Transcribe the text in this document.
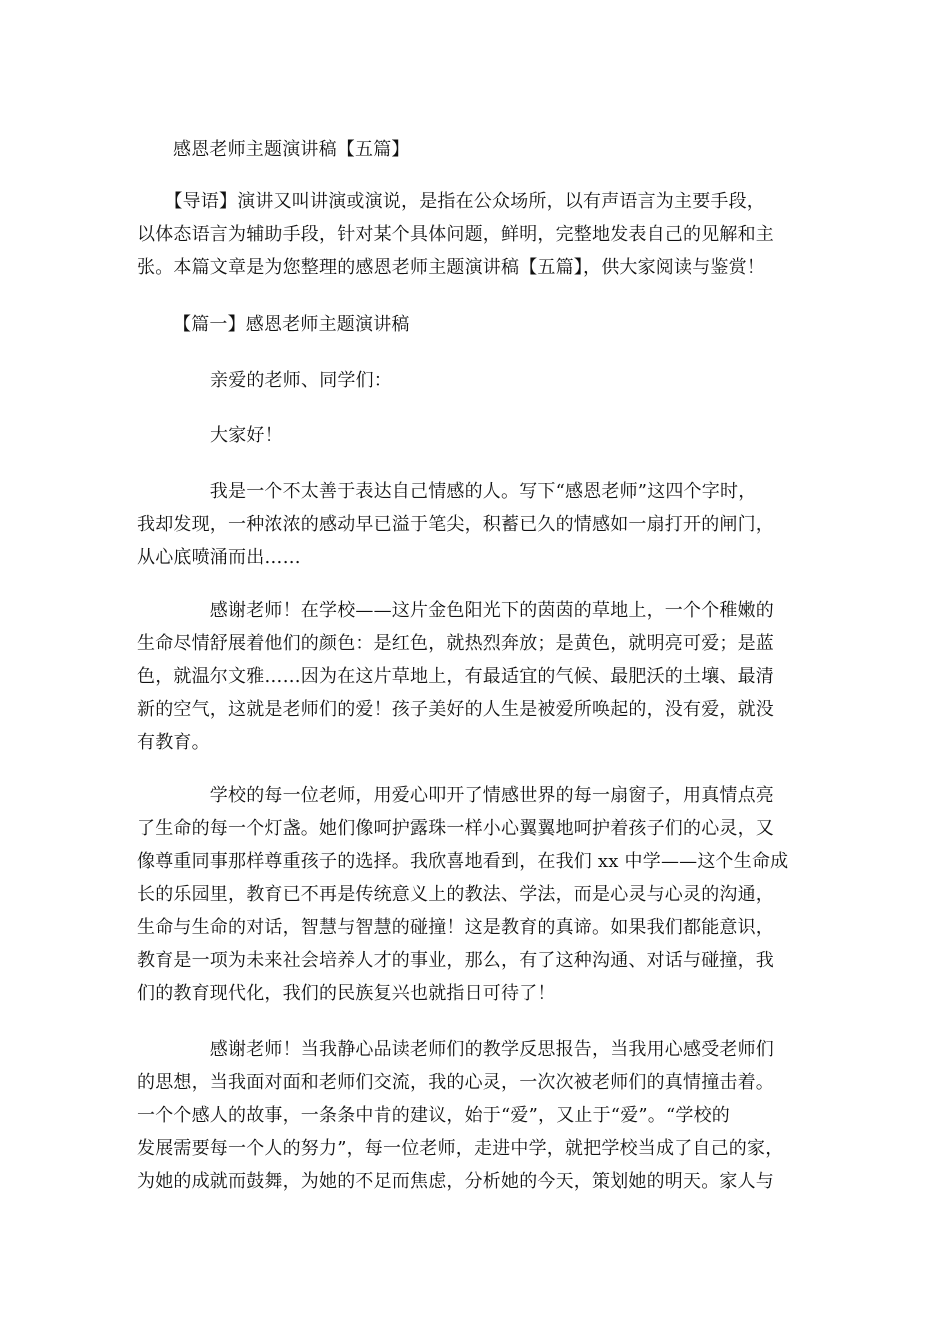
感恩老师主题演讲稿【五篇】
　　【导语】演讲又叫讲演或演说，是指在公众场所，以有声语言为主要手段，
以体态语言为辅助手段，针对某个具体问题，鲜明，完整地发表自己的见解和主
张。本篇文章是为您整理的感恩老师主题演讲稿【五篇】，供大家阅读与鉴赏！
【篇一】感恩老师主题演讲稿
亲爱的老师、同学们：
大家好！
　　　　我是一个不太善于表达自己情感的人。写下“感恩老师”这四个字时，
我却发现，一种浓浓的感动早已溢于笔尖，积蓄已久的情感如一扇打开的闸门，
从心底喷涌而出……
　　　　感谢老师！在学校——这片金色阳光下的茵茵的草地上，一个个稚嫩的
生命尽情舒展着他们的颜色：是红色，就热烈奔放；是黄色，就明亮可爱；是蓝
色，就温尔文雅……因为在这片草地上，有最适宜的气候、最肥沃的土壤、最清
新的空气，这就是老师们的爱！孩子美好的人生是被爱所唤起的，没有爱，就没
有教育。
　　　　学校的每一位老师，用爱心叩开了情感世界的每一扇窗子，用真情点亮
了生命的每一个灯盏。她们像呵护露珠一样小心翼翼地呵护着孩子们的心灵，又
像尊重同事那样尊重孩子的选择。我欣喜地看到，在我们 xx 中学——这个生命成
长的乐园里，教育已不再是传统意义上的教法、学法，而是心灵与心灵的沟通，
生命与生命的对话，智慧与智慧的碰撞！这是教育的真谛。如果我们都能意识，
教育是一项为未来社会培养人才的事业，那么，有了这种沟通、对话与碰撞，我
们的教育现代化，我们的民族复兴也就指日可待了！
　　　　感谢老师！当我静心品读老师们的教学反思报告，当我用心感受老师们
的思想，当我面对面和老师们交流，我的心灵，一次次被老师们的真情撞击着。
一个个感人的故事，一条条中肯的建议，始于“爱”，又止于“爱”。“学校的
发展需要每一个人的努力”，每一位老师，走进中学，就把学校当成了自己的家，
为她的成就而鼓舞，为她的不足而焦虑，分析她的今天，策划她的明天。家人与
